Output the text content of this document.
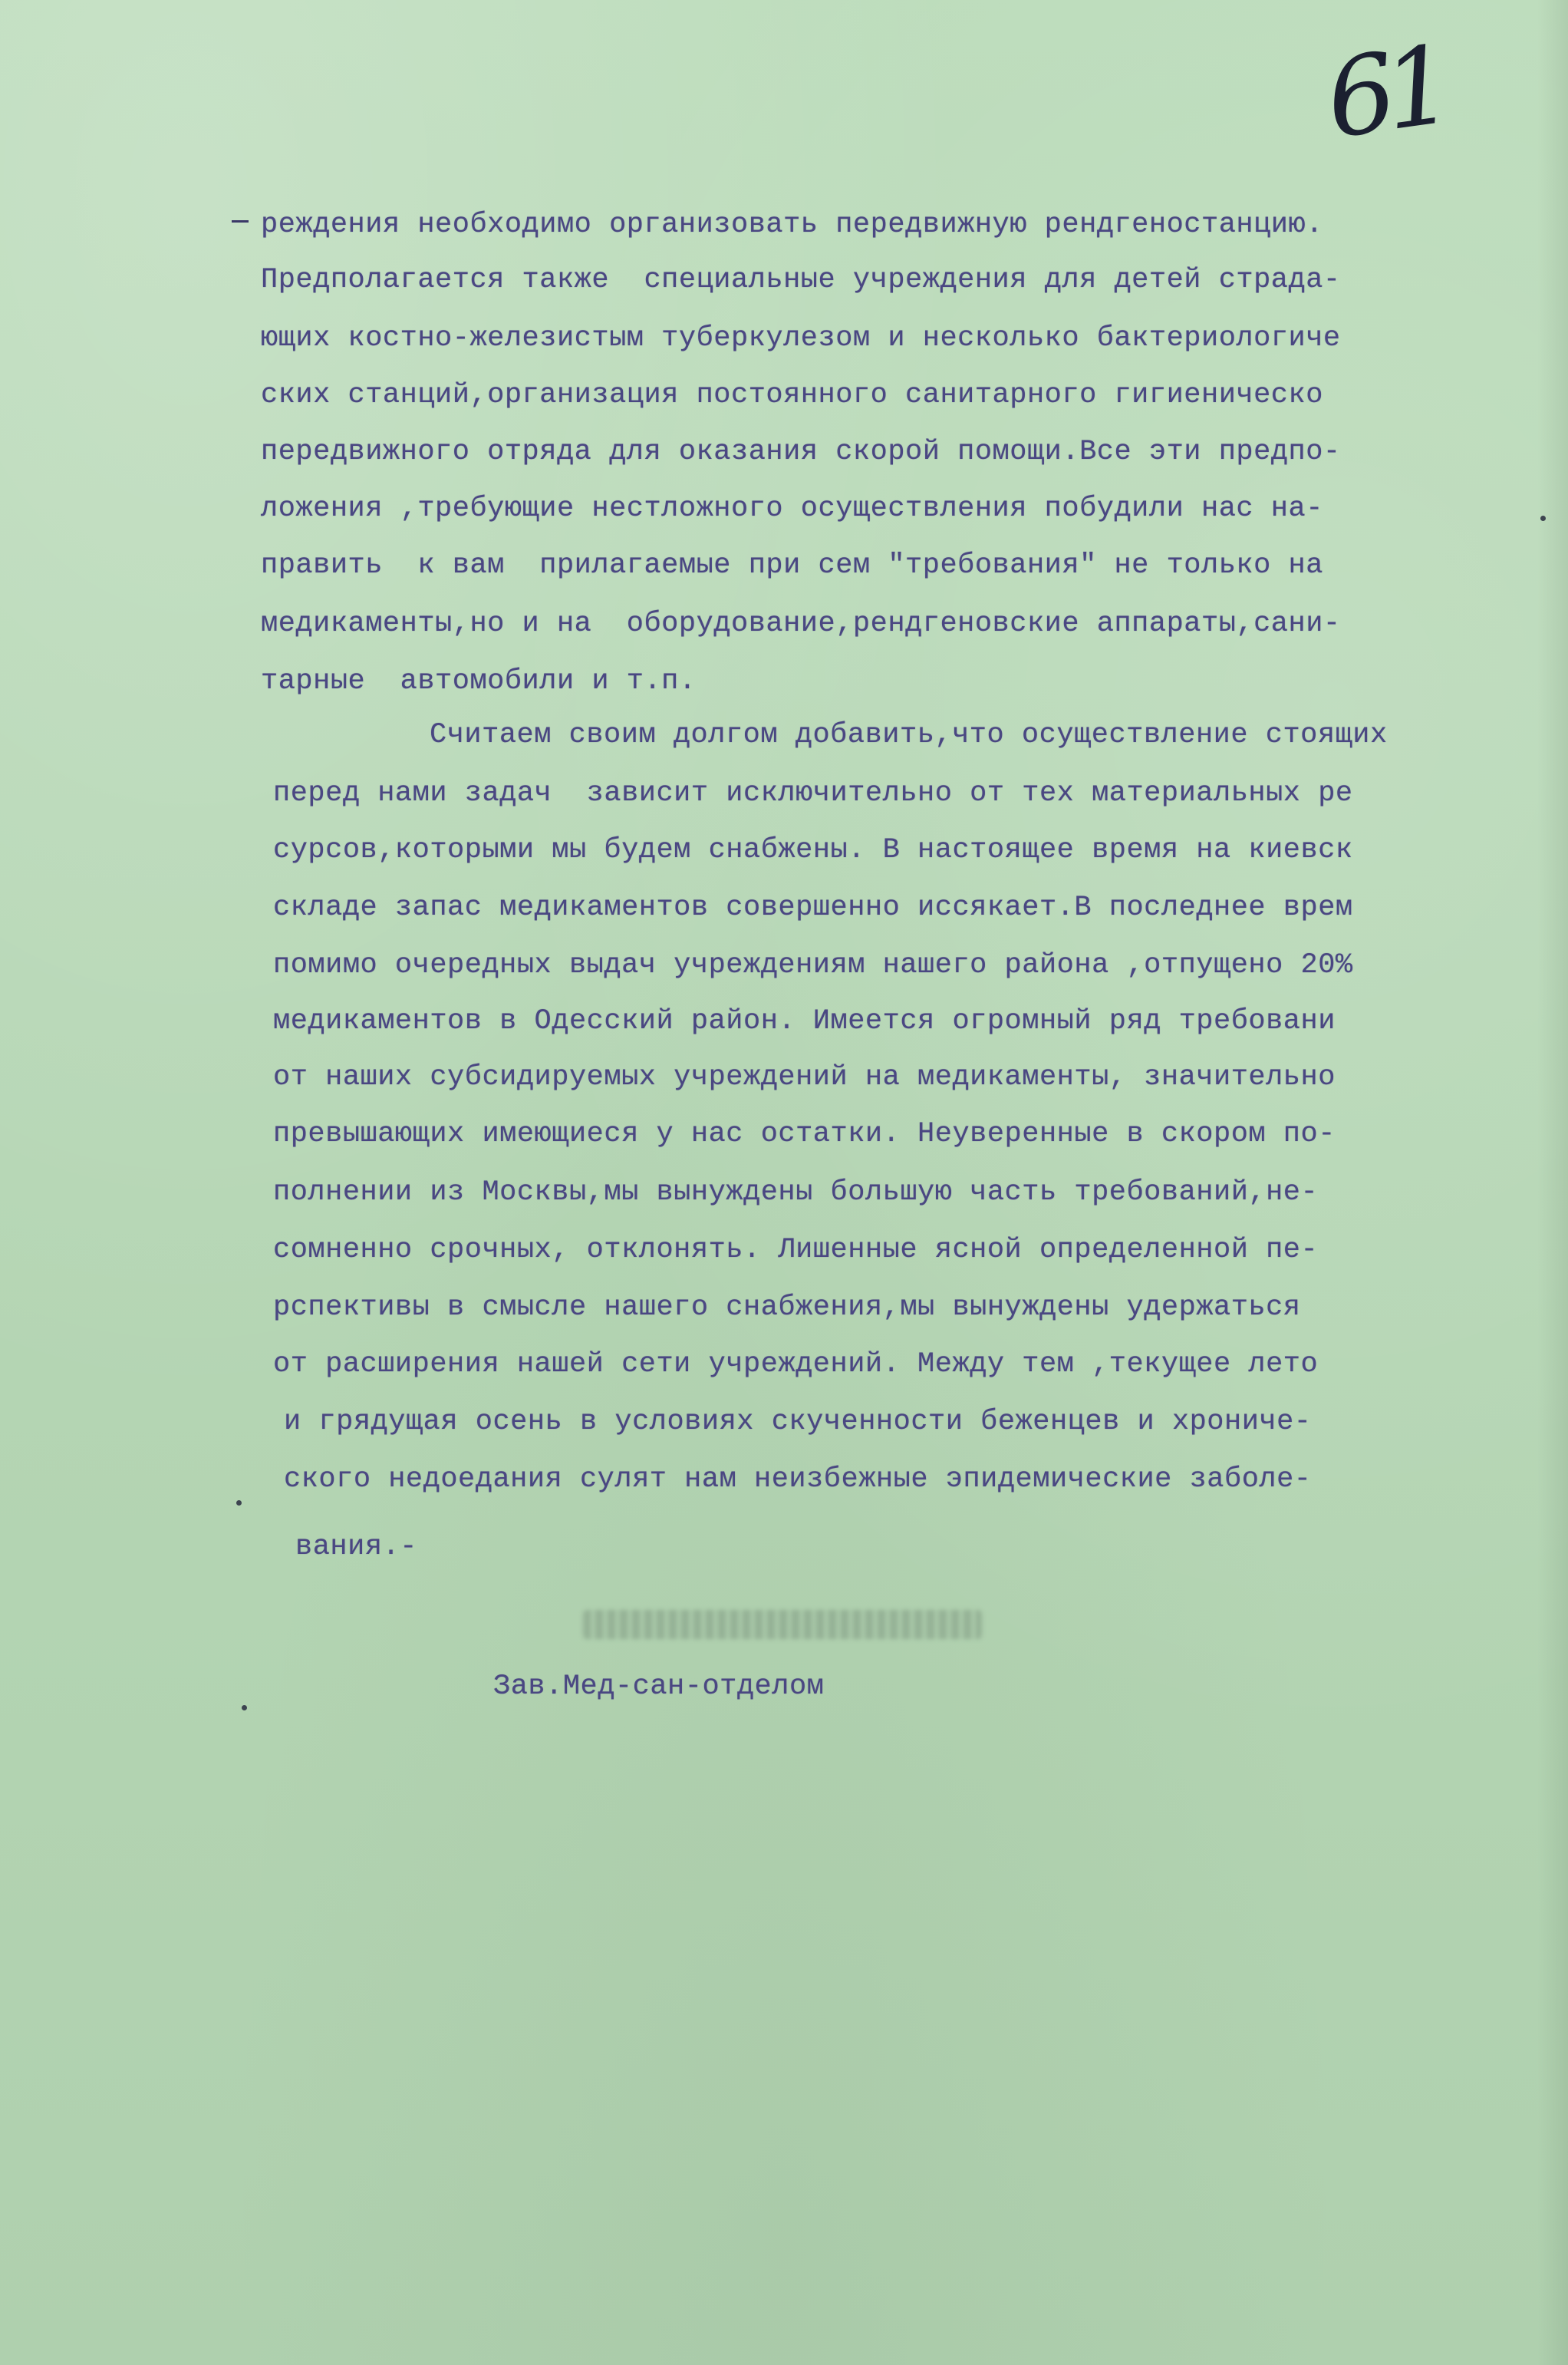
61
реждения необходимо организовать передвижную рендгеностанцию.
Предполагается также  специальные учреждения для детей страда-
ющих костно-железистым туберкулезом и несколько бактериологиче
ских станций,организация постоянного санитарного гигиеническо
передвижного отряда для оказания скорой помощи.Все эти предпо-
ложения ,требующие нестложного осуществления побудили нас на-
править  к вам  прилагаемые при сем "требования" не только на
медикаменты,но и на  оборудование,рендгеновские аппараты,сани-
тарные  автомобили и т.п.
Считаем своим долгом добавить,что осуществление стоящих
перед нами задач  зависит исключительно от тех материальных ре
сурсов,которыми мы будем снабжены. В настоящее время на киевск
складе запас медикаментов совершенно иссякает.В последнее врем
помимо очередных выдач учреждениям нашего района ,отпущено 20%
медикаментов в Одесский район. Имеется огромный ряд требовани
от наших субсидируемых учреждений на медикаменты, значительно
превышающих имеющиеся у нас остатки. Неуверенные в скором по-
полнении из Москвы,мы вынуждены большую часть требований,не-
сомненно срочных, отклонять. Лишенные ясной определенной пе-
рспективы в смысле нашего снабжения,мы вынуждены удержаться
от расширения нашей сети учреждений. Между тем ,текущее лето
и грядущая осень в условиях скученности беженцев и хрониче-
ского недоедания сулят нам неизбежные эпидемические заболе-
вания.-
Зав.Мед-сан-отделом
